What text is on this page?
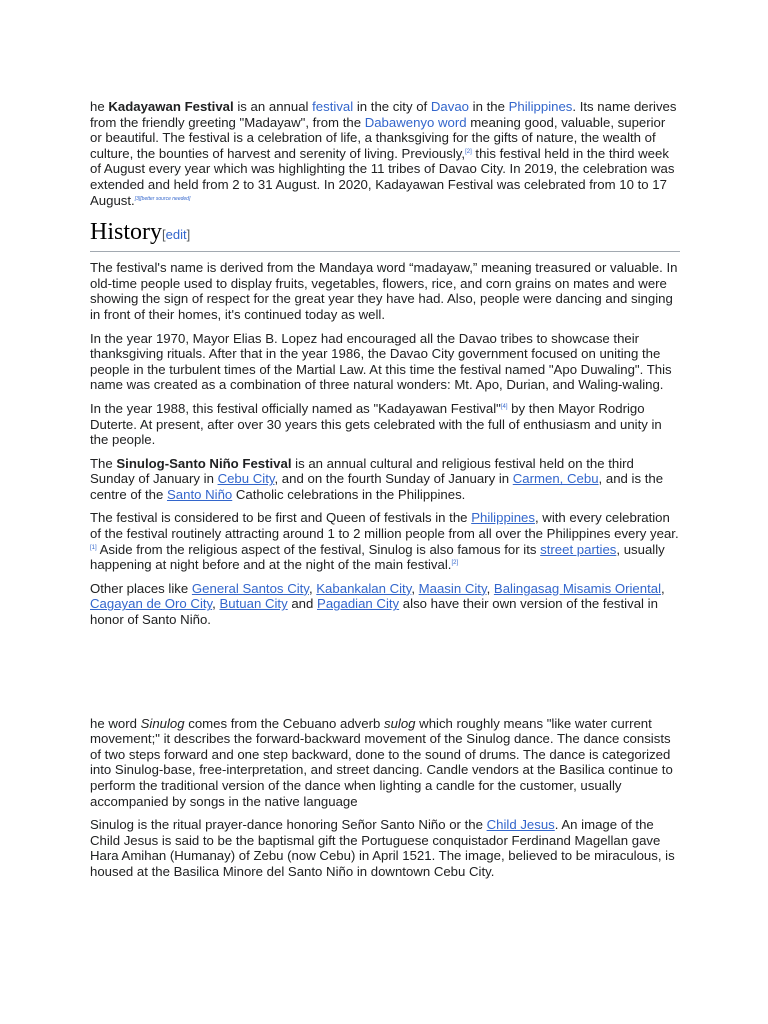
he Kadayawan Festival is an annual festival in the city of Davao in the Philippines. Its name derives from the friendly greeting "Madayaw", from the Dabawenyo word meaning good, valuable, superior or beautiful. The festival is a celebration of life, a thanksgiving for the gifts of nature, the wealth of culture, the bounties of harvest and serenity of living. Previously,[2] this festival held in the third week of August every year which was highlighting the 11 tribes of Davao City. In 2019, the celebration was extended and held from 2 to 31 August. In 2020, Kadayawan Festival was celebrated from 10 to 17 August.[3][better source needed]

History[edit]

The festival's name is derived from the Mandaya word “madayaw,” meaning treasured or valuable. In old-time people used to display fruits, vegetables, flowers, rice, and corn grains on mates and were showing the sign of respect for the great year they have had. Also, people were dancing and singing in front of their homes, it's continued today as well.

In the year 1970, Mayor Elias B. Lopez had encouraged all the Davao tribes to showcase their thanksgiving rituals. After that in the year 1986, the Davao City government focused on uniting the people in the turbulent times of the Martial Law. At this time the festival named "Apo Duwaling". This name was created as a combination of three natural wonders: Mt. Apo, Durian, and Waling-waling.

In the year 1988, this festival officially named as "Kadayawan Festival"[4] by then Mayor Rodrigo Duterte. At present, after over 30 years this gets celebrated with the full of enthusiasm and unity in the people.

The Sinulog-Santo Niño Festival is an annual cultural and religious festival held on the third Sunday of January in Cebu City, and on the fourth Sunday of January in Carmen, Cebu, and is the centre of the Santo Niño Catholic celebrations in the Philippines.

The festival is considered to be first and Queen of festivals in the Philippines, with every celebration of the festival routinely attracting around 1 to 2 million people from all over the Philippines every year.[1] Aside from the religious aspect of the festival, Sinulog is also famous for its street parties, usually happening at night before and at the night of the main festival.[2]

Other places like General Santos City, Kabankalan City, Maasin City, Balingasag Misamis Oriental, Cagayan de Oro City, Butuan City and Pagadian City also have their own version of the festival in honor of Santo Niño.

he word Sinulog comes from the Cebuano adverb sulog which roughly means "like water current movement;" it describes the forward-backward movement of the Sinulog dance. The dance consists of two steps forward and one step backward, done to the sound of drums. The dance is categorized into Sinulog-base, free-interpretation, and street dancing. Candle vendors at the Basilica continue to perform the traditional version of the dance when lighting a candle for the customer, usually accompanied by songs in the native language

Sinulog is the ritual prayer-dance honoring Señor Santo Niño or the Child Jesus. An image of the Child Jesus is said to be the baptismal gift the Portuguese conquistador Ferdinand Magellan gave Hara Amihan (Humanay) of Zebu (now Cebu) in April 1521. The image, believed to be miraculous, is housed at the Basilica Minore del Santo Niño in downtown Cebu City.
